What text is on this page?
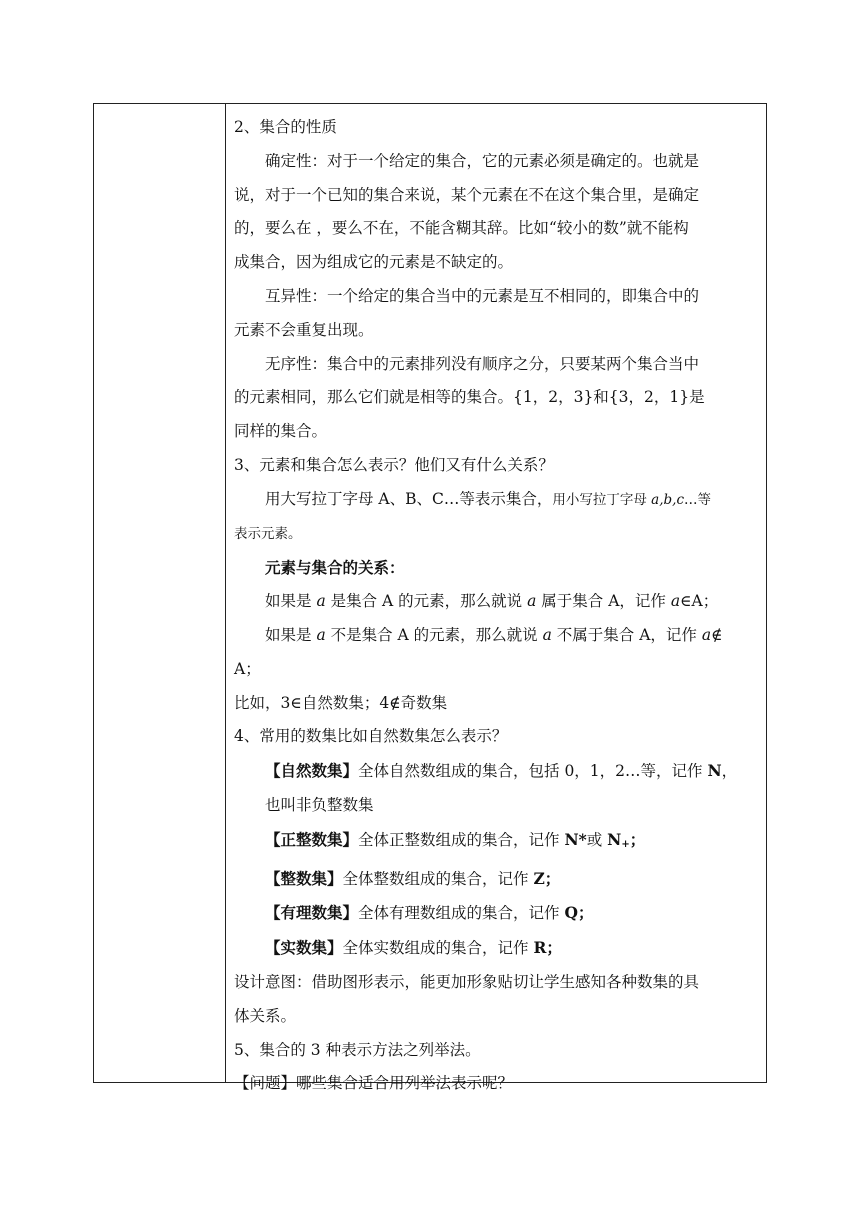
2、集合的性质
确定性：对于一个给定的集合，它的元素必须是确定的。也就是
说，对于一个已知的集合来说，某个元素在不在这个集合里，是确定
的，要么在 ，要么不在，不能含糊其辞。比如“较小的数”就不能构
成集合，因为组成它的元素是不缺定的。
互异性：一个给定的集合当中的元素是互不相同的，即集合中的
元素不会重复出现。
无序性：集合中的元素排列没有顺序之分，只要某两个集合当中
的元素相同，那么它们就是相等的集合。{1，2，3}和{3，2，1}是
同样的集合。
3、元素和集合怎么表示？他们又有什么关系？
用大写拉丁字母 A、B、C…等表示集合，用小写拉丁字母 a,b,c…等
表示元素。
元素与集合的关系：
如果是 a 是集合 A 的元素，那么就说 a 属于集合 A，记作 a∈A；
如果是 a 不是集合 A 的元素，那么就说 a 不属于集合 A，记作 a∉
A；
比如，3∈自然数集；4∉奇数集
4、常用的数集比如自然数集怎么表示？
【自然数集】全体自然数组成的集合，包括 0，1，2…等，记作 N，
也叫非负整数集
【正整数集】全体正整数组成的集合，记作 N*或 $N_+$；
【整数集】全体整数组成的集合，记作 Z；
【有理数集】全体有理数组成的集合，记作 Q；
【实数集】全体实数组成的集合，记作 R；
设计意图：借助图形表示，能更加形象贴切让学生感知各种数集的具
体关系。
5、集合的 3 种表示方法之列举法。
【问题】哪些集合适合用列举法表示呢？
